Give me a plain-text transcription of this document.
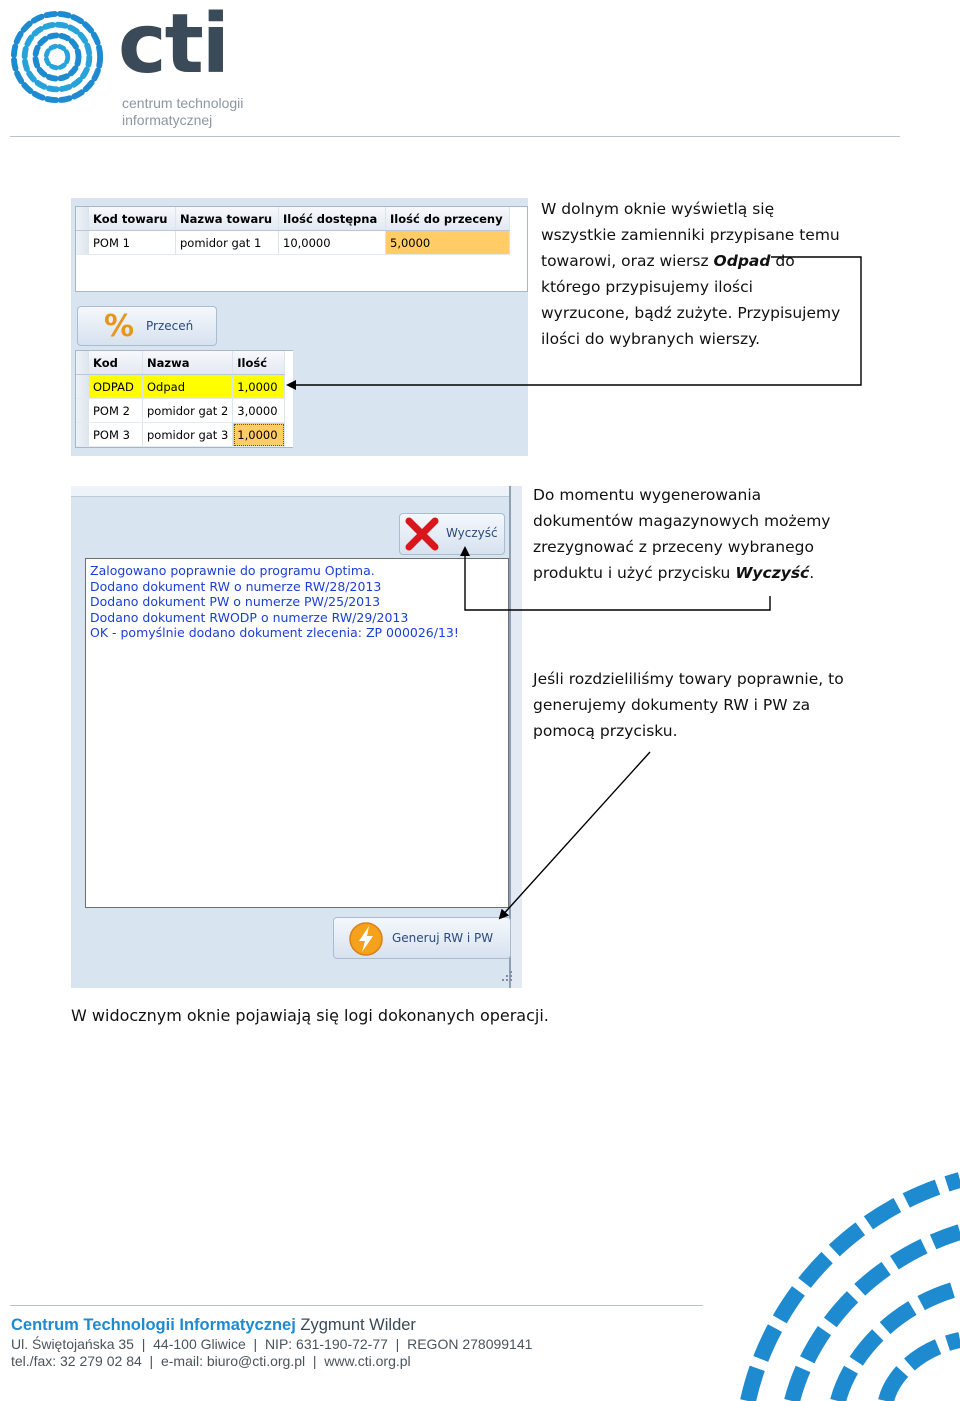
cti
centrum technologii
informatycznej
	Kod towaru	Nazwa towaru	Ilość dostępna	Ilość do przeceny
	POM 1	pomidor gat 1	10,0000	5,0000
% Przeceń
	Kod	Nazwa	Ilość
	ODPAD	Odpad	1,0000
	POM 2	pomidor gat 2	3,0000
	POM 3	pomidor gat 3	1,0000
W dolnym oknie wyświetlą się wszystkie zamienniki przypisane temu towarowi, oraz wiersz Odpad do którego przypisujemy ilości wyrzucone, bądź zużyte. Przypisujemy ilości do wybranych wierszy.
Wyczyść
Zalogowano poprawnie do programu Optima.
Dodano dokument RW o numerze RW/28/2013
Dodano dokument PW o numerze PW/25/2013
Dodano dokument RWODP o numerze RW/29/2013
OK - pomyślnie dodano dokument zlecenia: ZP 000026/13!
Generuj RW i PW
Do momentu wygenerowania dokumentów magazynowych możemy zrezygnować z przeceny wybranego produktu i użyć przycisku Wyczyść.
Jeśli rozdzieliliśmy towary poprawnie, to generujemy dokumenty RW i PW za pomocą przycisku.
W widocznym oknie pojawiają się logi dokonanych operacji.
Centrum Technologii Informatycznej Zygmunt Wilder
Ul. Świętojańska 35  |  44-100 Gliwice  |  NIP: 631-190-72-77  |  REGON 278099141
tel./fax: 32 279 02 84  |  e-mail: biuro@cti.org.pl  |  www.cti.org.pl
